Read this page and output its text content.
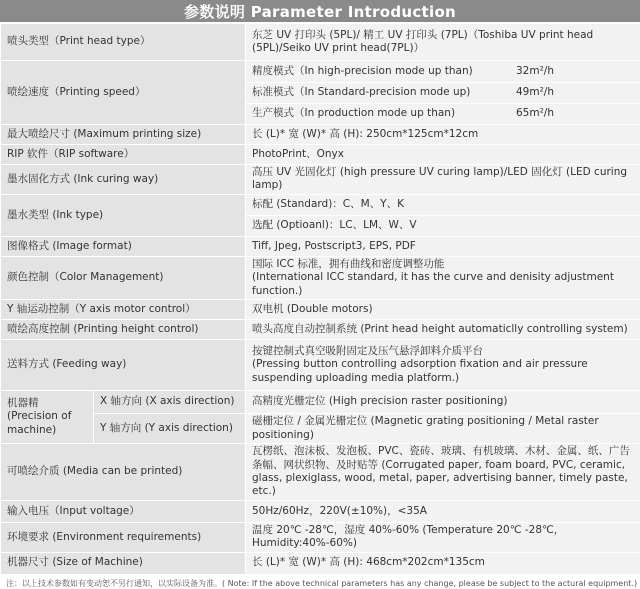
参数说明 Parameter Introduction
喷头类型（Print head type）		东芝 UV 打印头 (5PL)/ 精工 UV 打印头 (7PL)（Toshiba UV print head (5PL)/Seiko UV print head(7PL)）
喷绘速度（Printing speed）		精度模式（In high-precision mode up than) 32m²/h

		标准模式（In Standard-precision mode up) 49m²/h

		生产模式（In production mode up than) 65m²/h

最大喷绘尺寸 (Maximum printing size)		长 (L)* 宽 (W)* 高 (H): 250cm*125cm*12cm
RIP 软件（RIP software）		PhotoPrint、Onyx
墨水固化方式 (Ink curing way)		高压 UV 光固化灯 (high pressure UV curing lamp)/LED 固化灯 (LED curing lamp)
墨水类型 (Ink type)		标配 (Standard)：C、M、Y、K
		选配 (Optioanl)：LC、LM、W、V
图像格式 (Image format)		Tiff, Jpeg, Postscript3, EPS, PDF
颜色控制（Color Management)		国际 ICC 标准，拥有曲线和密度调整功能
(International ICC standard, it has the curve and denisity adjustment function.)

Y 轴运动控制（Y axis motor control）		双电机 (Double motors)
喷绘高度控制 (Printing height control)		喷头高度自动控制系统 (Print head height automaticlly controlling system)
送料方式 (Feeding way)		按键控制式真空吸附固定及压气悬浮卸料介质平台
(Pressing button controlling adsorption fixation and air pressure suspending uploading media platform.)

机器精 (Precision of machine)	X 轴方向 (X axis direction)	高精度光栅定位 (High precision raster positioning)
	Y 轴方向 (Y axis direction)	磁栅定位 / 金属光栅定位 (Magnetic grating positioning / Metal raster positioning)
可喷绘介质 (Media can be printed)		瓦楞纸、泡沫板、发泡板、PVC、瓷砖、玻璃、有机玻璃、木材、金属、纸、广告条幅、网状织物、及时贴等 (Corrugated paper, foam board, PVC, ceramic, glass, plexiglass, wood, metal, paper, advertising banner, timely paste, etc.)
输入电压（Input voltage）		50Hz/60Hz，220V(±10%)，<35A
环境要求 (Environment requirements)		温度 20℃ -28℃，湿度 40%-60% (Temperature 20℃ -28℃，Humidity:40%-60%)
机器尺寸 (Size of Machine)		长 (L)* 宽 (W)* 高 (H): 468cm*202cm*135cm
注：以上技术参数如有变动恕不另行通知，以实际设备为准。( Note: If the above technical parameters has any change, please be subject to the actural equipment.)
